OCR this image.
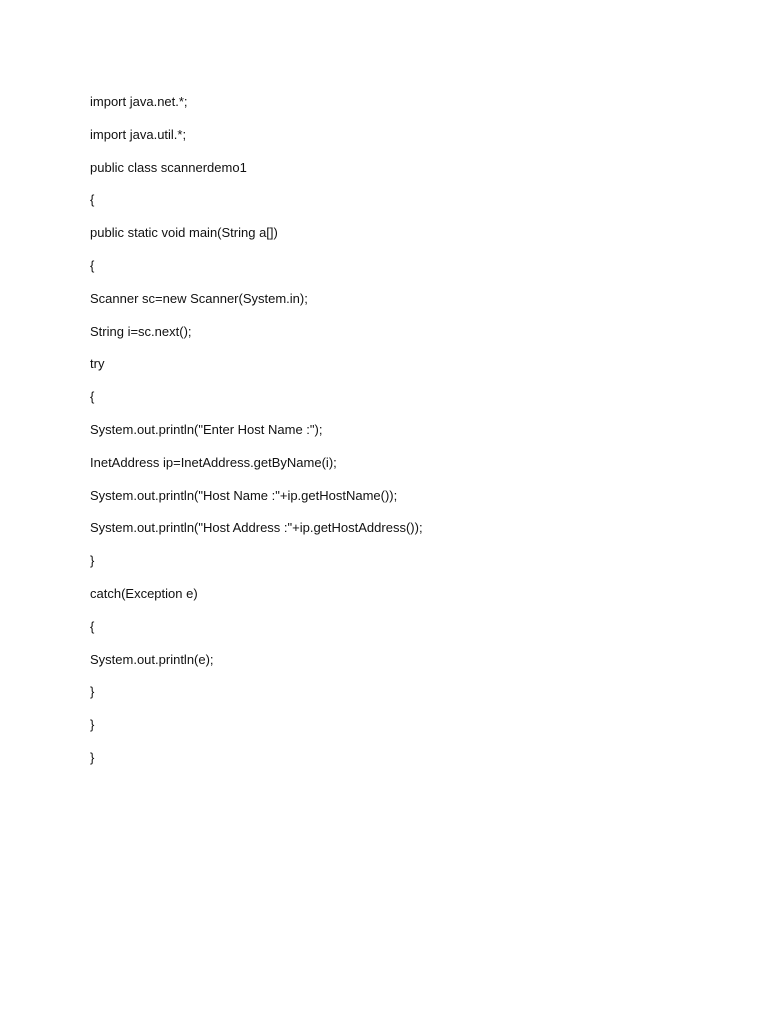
import java.net.*;
import java.util.*;
public class scannerdemo1
{
public static void main(String a[])
{
Scanner sc=new Scanner(System.in);
String i=sc.next();
try
{
System.out.println("Enter Host Name :");
InetAddress ip=InetAddress.getByName(i);
System.out.println("Host Name :"+ip.getHostName());
System.out.println("Host Address :"+ip.getHostAddress());
}
catch(Exception e)
{
System.out.println(e);
}
}
}
